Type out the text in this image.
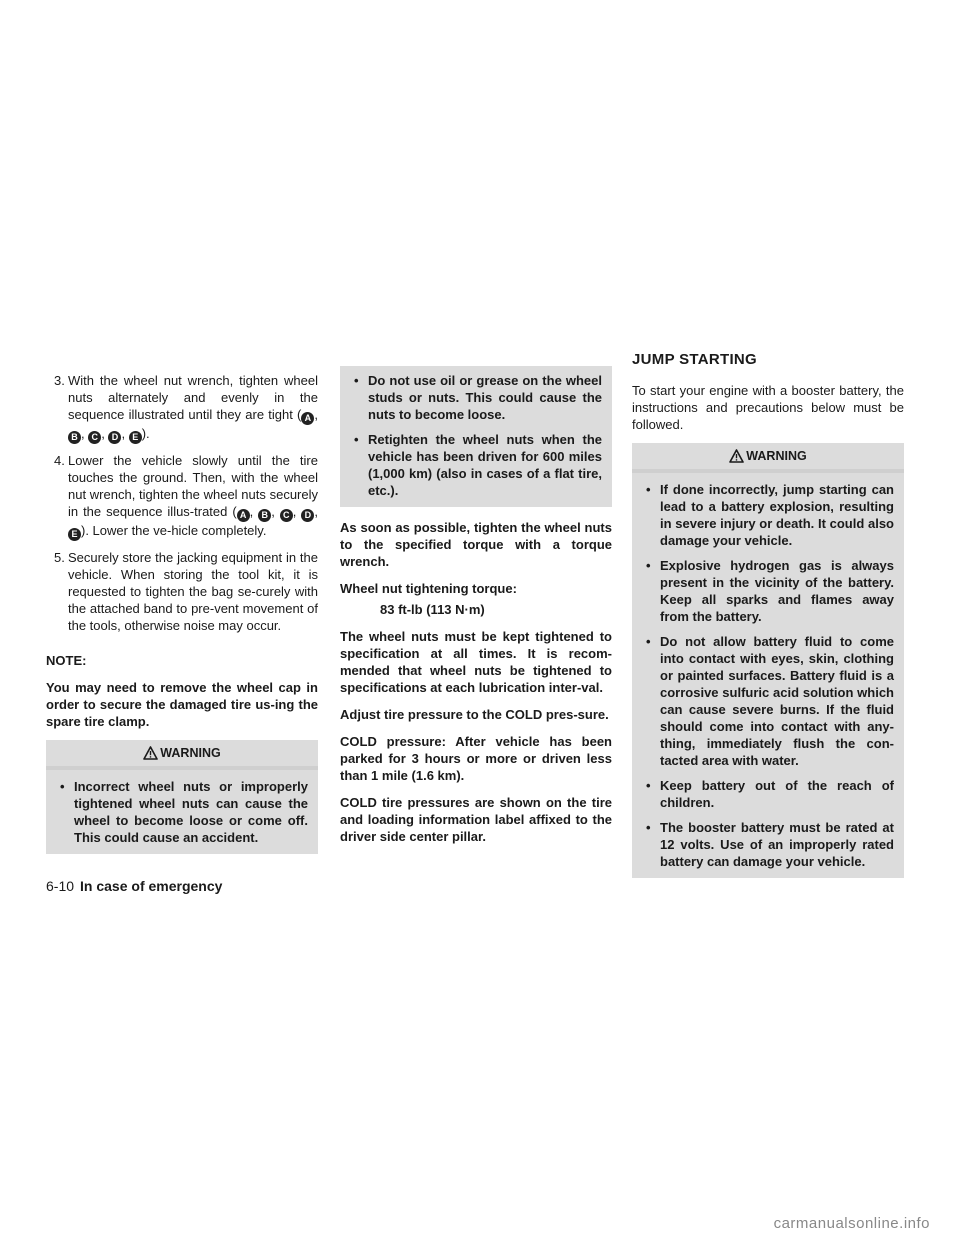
JUMP STARTING
3. With the wheel nut wrench, tighten wheel nuts alternately and evenly in the sequence illustrated until they are tight ( A , B , C , D , E ).
4. Lower the vehicle slowly until the tire touches the ground. Then, with the wheel nut wrench, tighten the wheel nuts securely in the sequence illus-trated ( A , B , C , D , E ). Lower the ve-hicle completely.
5. Securely store the jacking equipment in the vehicle. When storing the tool kit, it is requested to tighten the bag se-curely with the attached band to pre-vent movement of the tools, otherwise noise may occur.

NOTE:

You may need to remove the wheel cap in order to secure the damaged tire us-ing the spare tire clamp.

WARNING
• Incorrect wheel nuts or improperly tightened wheel nuts can cause the wheel to become loose or come off. This could cause an accident.
• Do not use oil or grease on the wheel studs or nuts. This could cause the nuts to become loose.
• Retighten the wheel nuts when the vehicle has been driven for 600 miles (1,000 km) (also in cases of a flat tire, etc.).

As soon as possible, tighten the wheel nuts to the specified torque with a torque wrench.

Wheel nut tightening torque:

83 ft-lb (113 N·m)

The wheel nuts must be kept tightened to specification at all times. It is recom-mended that wheel nuts be tightened to specifications at each lubrication inter-val.

Adjust tire pressure to the COLD pres-sure.

COLD pressure: After vehicle has been parked for 3 hours or more or driven less than 1 mile (1.6 km).

COLD tire pressures are shown on the tire and loading information label affixed to the driver side center pillar.

To start your engine with a booster battery, the instructions and precautions below must be followed.

WARNING
• If done incorrectly, jump starting can lead to a battery explosion, resulting in severe injury or death. It could also damage your vehicle.
• Explosive hydrogen gas is always present in the vicinity of the battery. Keep all sparks and flames away from the battery.
• Do not allow battery fluid to come into contact with eyes, skin, clothing or painted surfaces. Battery fluid is a corrosive sulfuric acid solution which can cause severe burns. If the fluid should come into contact with any-thing, immediately flush the con-tacted area with water.
• Keep battery out of the reach of children.
• The booster battery must be rated at 12 volts. Use of an improperly rated battery can damage your vehicle.
6-10 In case of emergency
carmanualsonline.info
